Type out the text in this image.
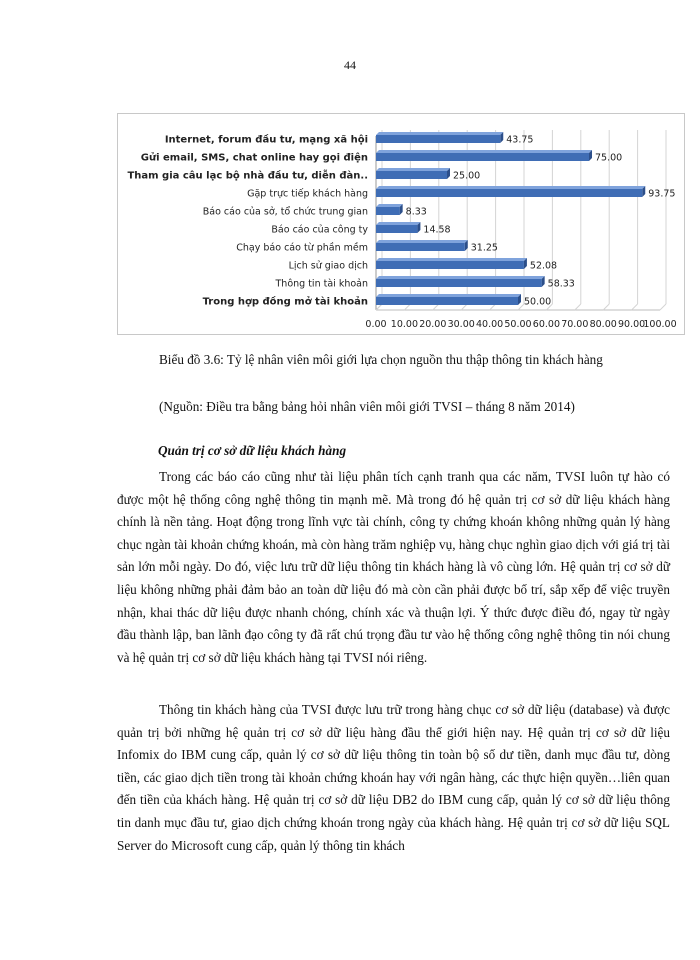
44
0.00 10.00 20.00 30.00 40.00 50.00 60.00 70.00 80.00 90.00
100.00
Internet, forum đầu tư, mạng xã hội	43.75
Gửi email, SMS, chat online hay gọi điện	75.00
Tham gia câu lạc bộ nhà đầu tư, diễn đàn..	25.00
Gặp trực tiếp khách hàng	93.75
Báo cáo của sở, tổ chức trung gian	8.33
Báo cáo của công ty	14.58
Chạy báo cáo từ phần mềm	31.25
Lịch sử giao dịch	52.08
Thông tin tài khoản	58.33
Trong hợp đồng mở tài khoản	50.00
Biểu đồ 3.6: Tỷ lệ nhân viên môi giới lựa chọn nguồn thu thập thông tin khách hàng
(Nguồn: Điều tra bằng bảng hỏi nhân viên môi giới TVSI – tháng 8 năm 2014)
Quản trị cơ sở dữ liệu khách hàng
Trong các báo cáo cũng như tài liệu phân tích cạnh tranh qua các năm, TVSI luôn tự hào có được một hệ thống công nghệ thông tin mạnh mẽ. Mà trong đó hệ quản trị cơ sở dữ liệu khách hàng chính là nền tảng. Hoạt động trong lĩnh vực tài chính, công ty chứng khoán không những quản lý hàng chục ngàn tài khoản chứng khoán, mà còn hàng trăm nghiệp vụ, hàng chục nghìn giao dịch với giá trị tài sản lớn mỗi ngày. Do đó, việc lưu trữ dữ liệu thông tin khách hàng là vô cùng lớn. Hệ quản trị cơ sở dữ liệu không những phải đảm bảo an toàn dữ liệu đó mà còn cần phải được bố trí, sắp xếp để việc truyền nhận, khai thác dữ liệu được nhanh chóng, chính xác và thuận lợi. Ý thức được điều đó, ngay từ ngày đầu thành lập, ban lãnh đạo công ty đã rất chú trọng đầu tư vào hệ thống công nghệ thông tin nói chung và hệ quản trị cơ sở dữ liệu khách hàng tại TVSI nói riêng.
Thông tin khách hàng của TVSI được lưu trữ trong hàng chục cơ sở dữ liệu (database) và được quản trị bởi những hệ quản trị cơ sở dữ liệu hàng đầu thế giới hiện nay. Hệ quản trị cơ sở dữ liệu Infomix do IBM cung cấp, quản lý cơ sở dữ liệu thông tin toàn bộ số dư tiền, danh mục đầu tư, dòng tiền, các giao dịch tiền trong tài khoản chứng khoán hay với ngân hàng, các thực hiện quyền…liên quan đến tiền của khách hàng. Hệ quản trị cơ sở dữ liệu DB2 do IBM cung cấp, quản lý cơ sở dữ liệu thông tin danh mục đầu tư, giao dịch chứng khoán trong ngày của khách hàng. Hệ quản trị cơ sở dữ liệu SQL Server do Microsoft cung cấp, quản lý thông tin khách
